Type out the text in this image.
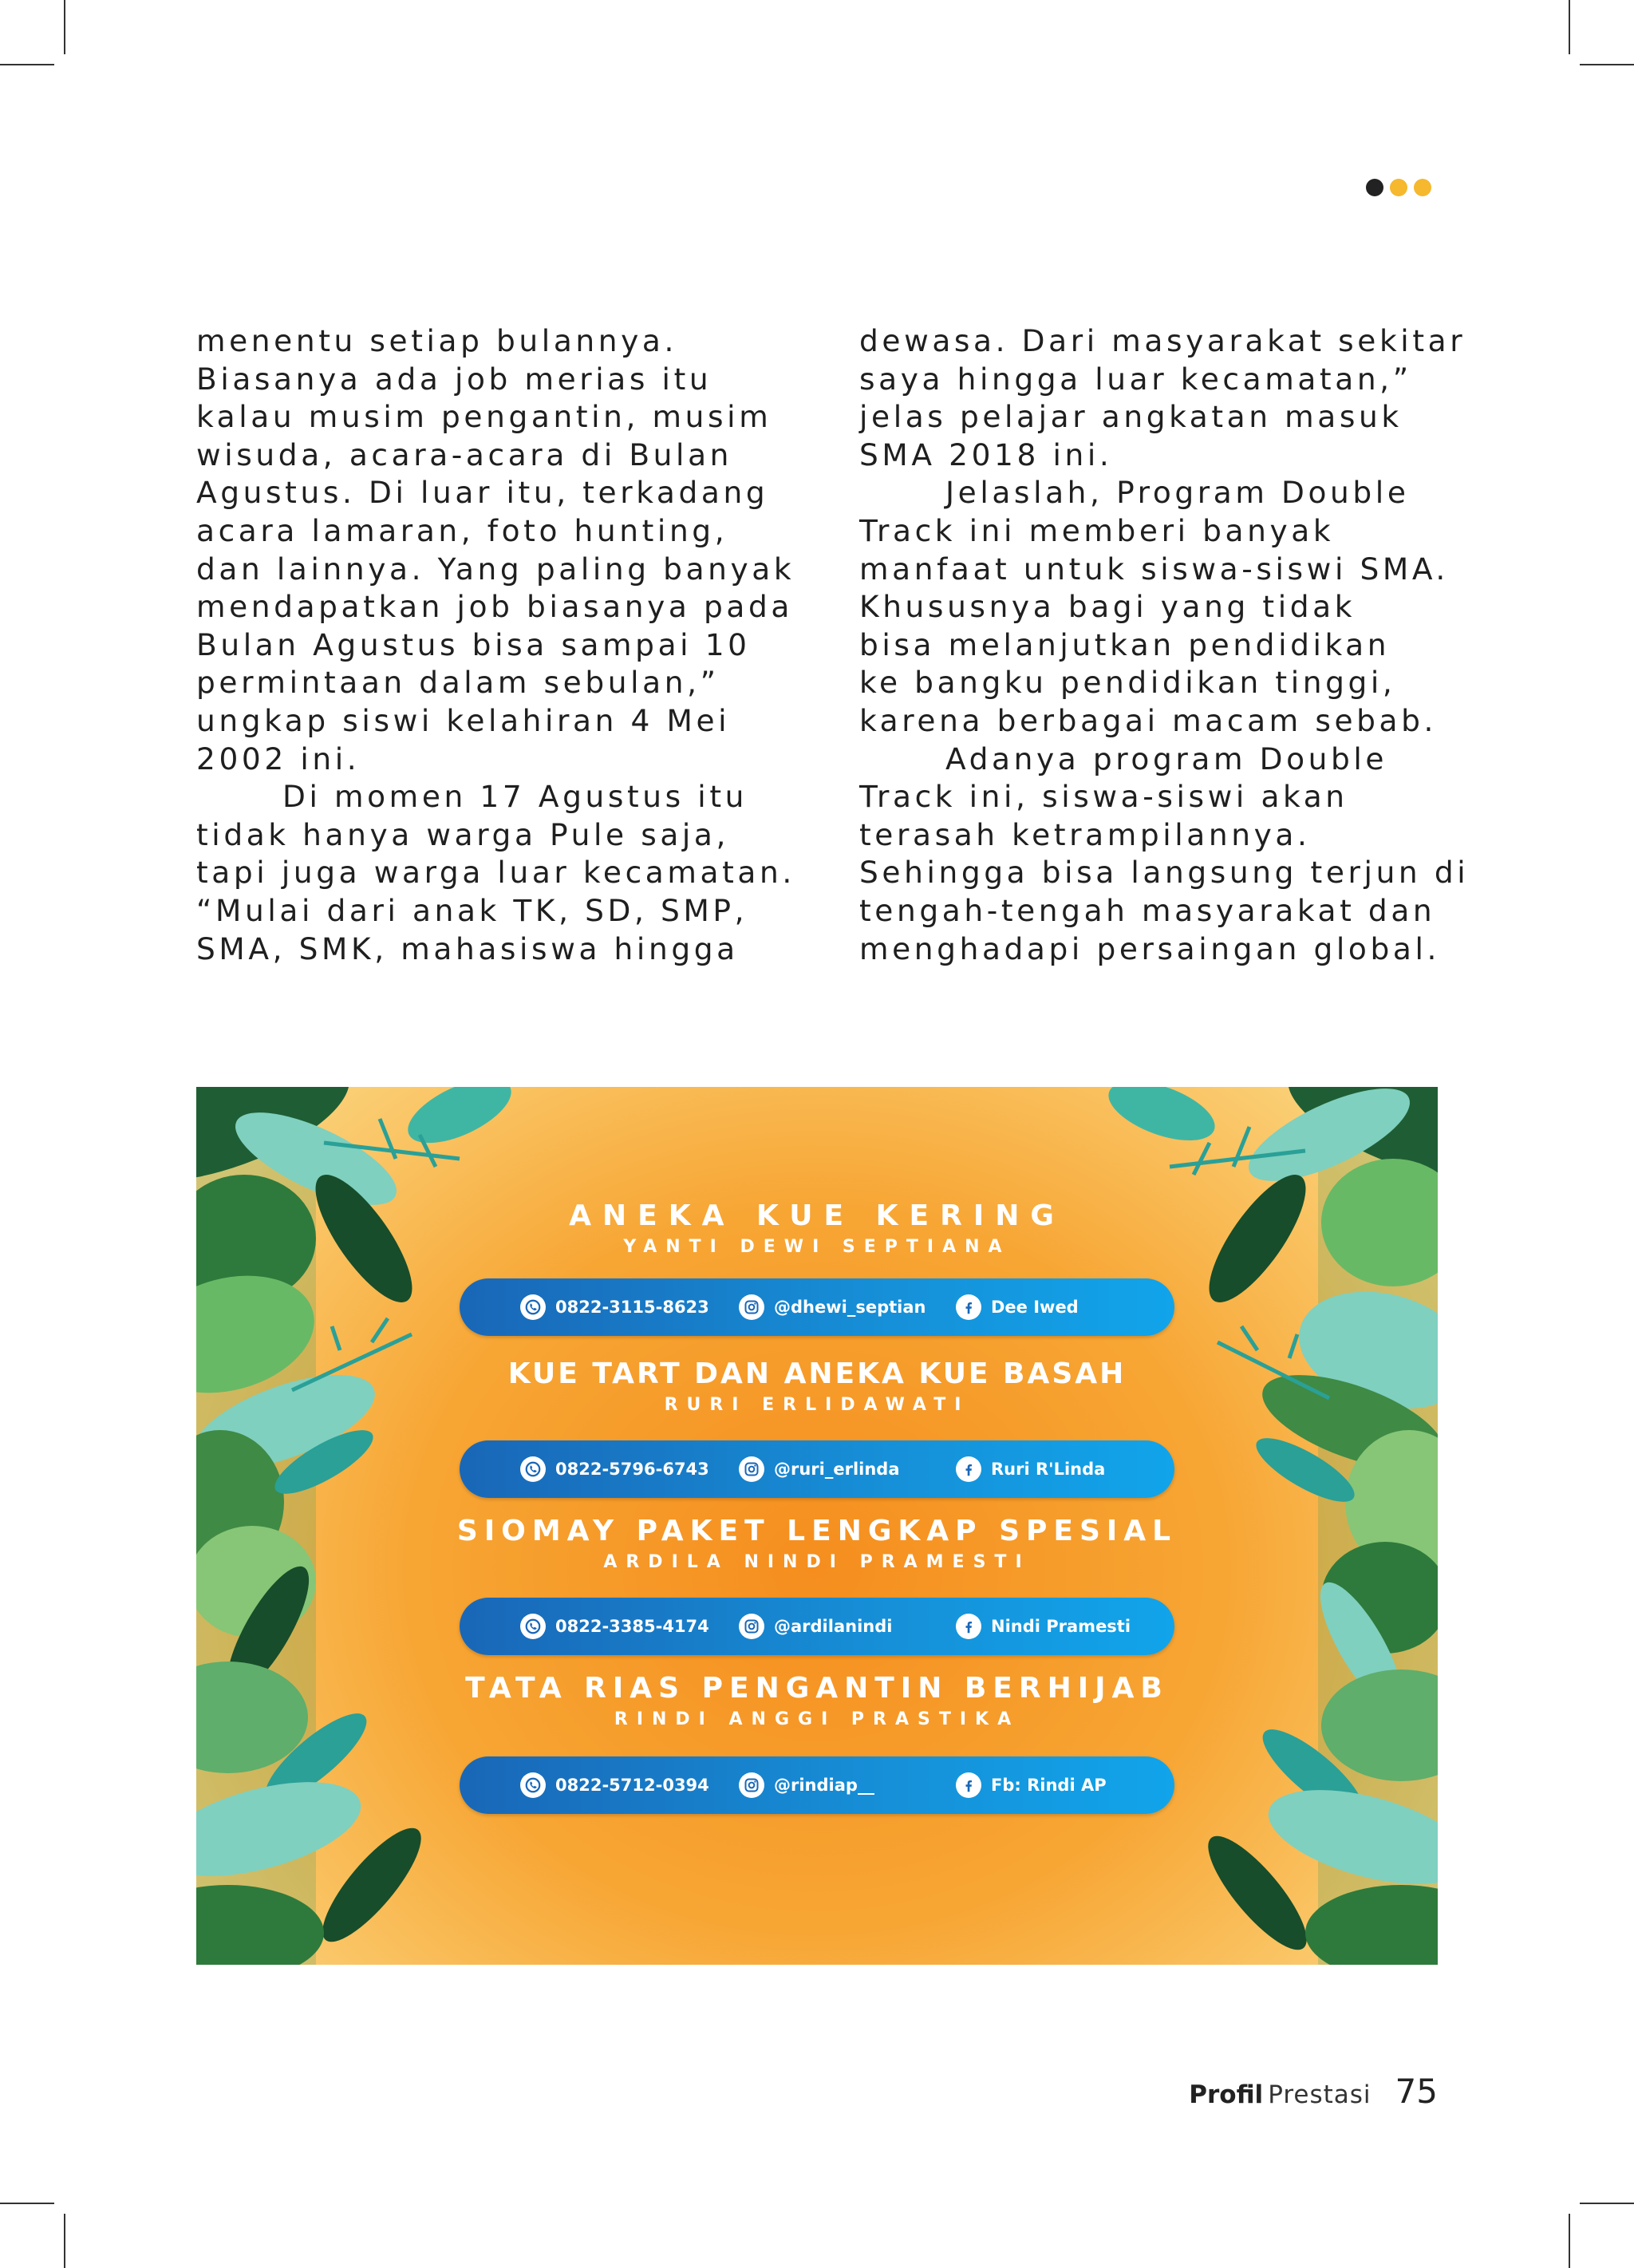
menentu setiap bulannya.
Biasanya ada job merias itu
kalau musim pengantin, musim
wisuda, acara-acara di Bulan
Agustus. Di luar itu, terkadang
acara lamaran, foto hunting,
dan lainnya. Yang paling banyak
mendapatkan job biasanya pada
Bulan Agustus bisa sampai 10
permintaan dalam sebulan,”
ungkap siswi kelahiran 4 Mei
2002 ini.
Di momen 17 Agustus itu
tidak hanya warga Pule saja,
tapi juga warga luar kecamatan.
“Mulai dari anak TK, SD, SMP,
SMA, SMK, mahasiswa hingga
dewasa. Dari masyarakat sekitar
saya hingga luar kecamatan,”
jelas pelajar angkatan masuk
SMA 2018 ini.
Jelaslah, Program Double
Track ini memberi banyak
manfaat untuk siswa-siswi SMA.
Khususnya bagi yang tidak
bisa melanjutkan pendidikan
ke bangku pendidikan tinggi,
karena berbagai macam sebab.
Adanya program Double
Track ini, siswa-siswi akan
terasah ketrampilannya.
Sehingga bisa langsung terjun di
tengah-tengah masyarakat dan
menghadapi persaingan global.
ANEKA KUE KERING
YANTI DEWI SEPTIANA
0822-3115-8623	@dhewi_septian	Dee Iwed
KUE TART DAN ANEKA KUE BASAH
RURI ERLIDAWATI
0822-5796-6743	@ruri_erlinda	Ruri R'Linda
SIOMAY PAKET LENGKAP SPESIAL
ARDILA NINDI PRAMESTI
0822-3385-4174	@ardilanindi	Nindi Pramesti
TATA RIAS PENGANTIN BERHIJAB
RINDI ANGGI PRASTIKA
0822-5712-0394	@rindiap__	Fb: Rindi AP
Profil Prestasi 75
